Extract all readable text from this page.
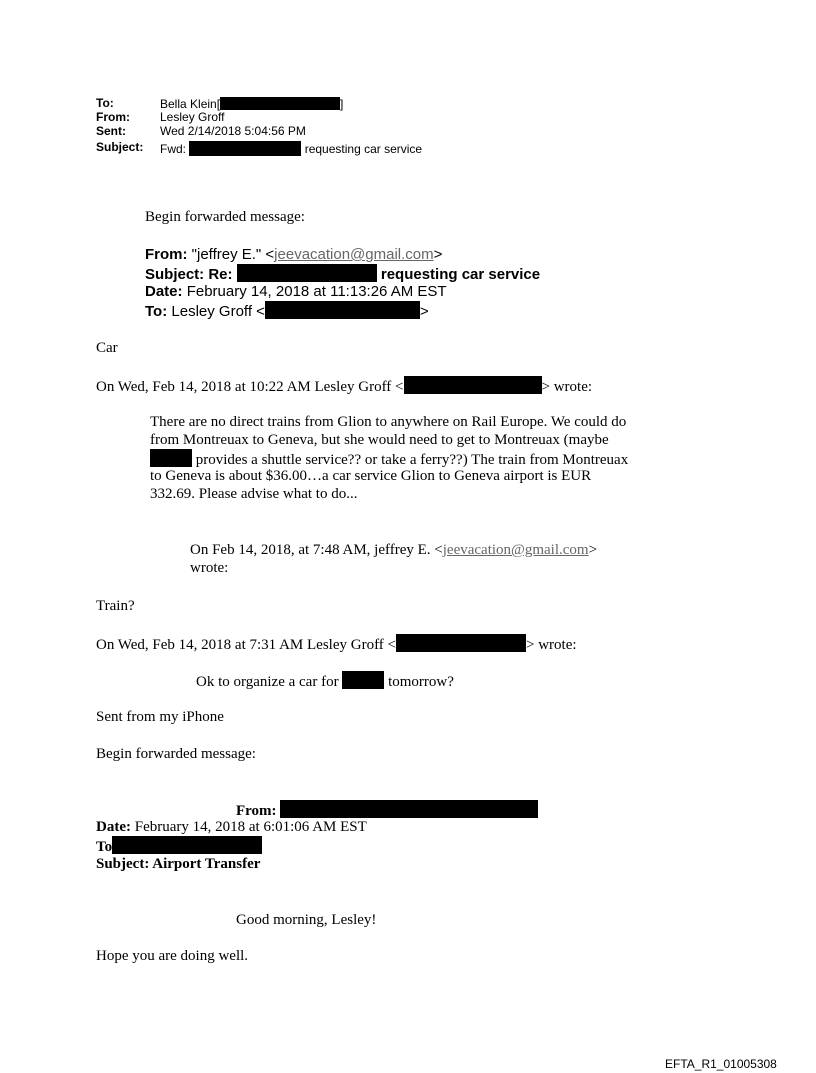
To:	Bella Klein[	]
From:	Lesley Groff
Sent:	Wed 2/14/2018 5:04:56 PM
Subject: Fwd:	requesting car service
Begin forwarded message:
From: "jeffrey E." <jeevacation@gmail.com>
Subject: Re:	requesting car service
Date: February 14, 2018 at 11:13:26 AM EST
To: Lesley Groff <	>
Car
On Wed, Feb 14, 2018 at 10:22 AM Lesley Groff <	> wrote:
There are no direct trains from Glion to anywhere on Rail Europe. We could do
from Montreuax to Geneva, but she would need to get to Montreuax (maybe
provides a shuttle service?? or take a ferry??) The train from Montreuax
to Geneva is about $36.00…a car service Glion to Geneva airport is EUR
332.69. Please advise what to do...
On Feb 14, 2018, at 7:48 AM, jeffrey E. <jeevacation@gmail.com>
wrote:
Train?
On Wed, Feb 14, 2018 at 7:31 AM Lesley Groff <	> wrote:
Ok to organize a car for	tomorrow?
Sent from my iPhone
Begin forwarded message:
From:
Date: February 14, 2018 at 6:01:06 AM EST
To
Subject: Airport Transfer
Good morning, Lesley!
Hope you are doing well.
EFTA_R1_01005308
